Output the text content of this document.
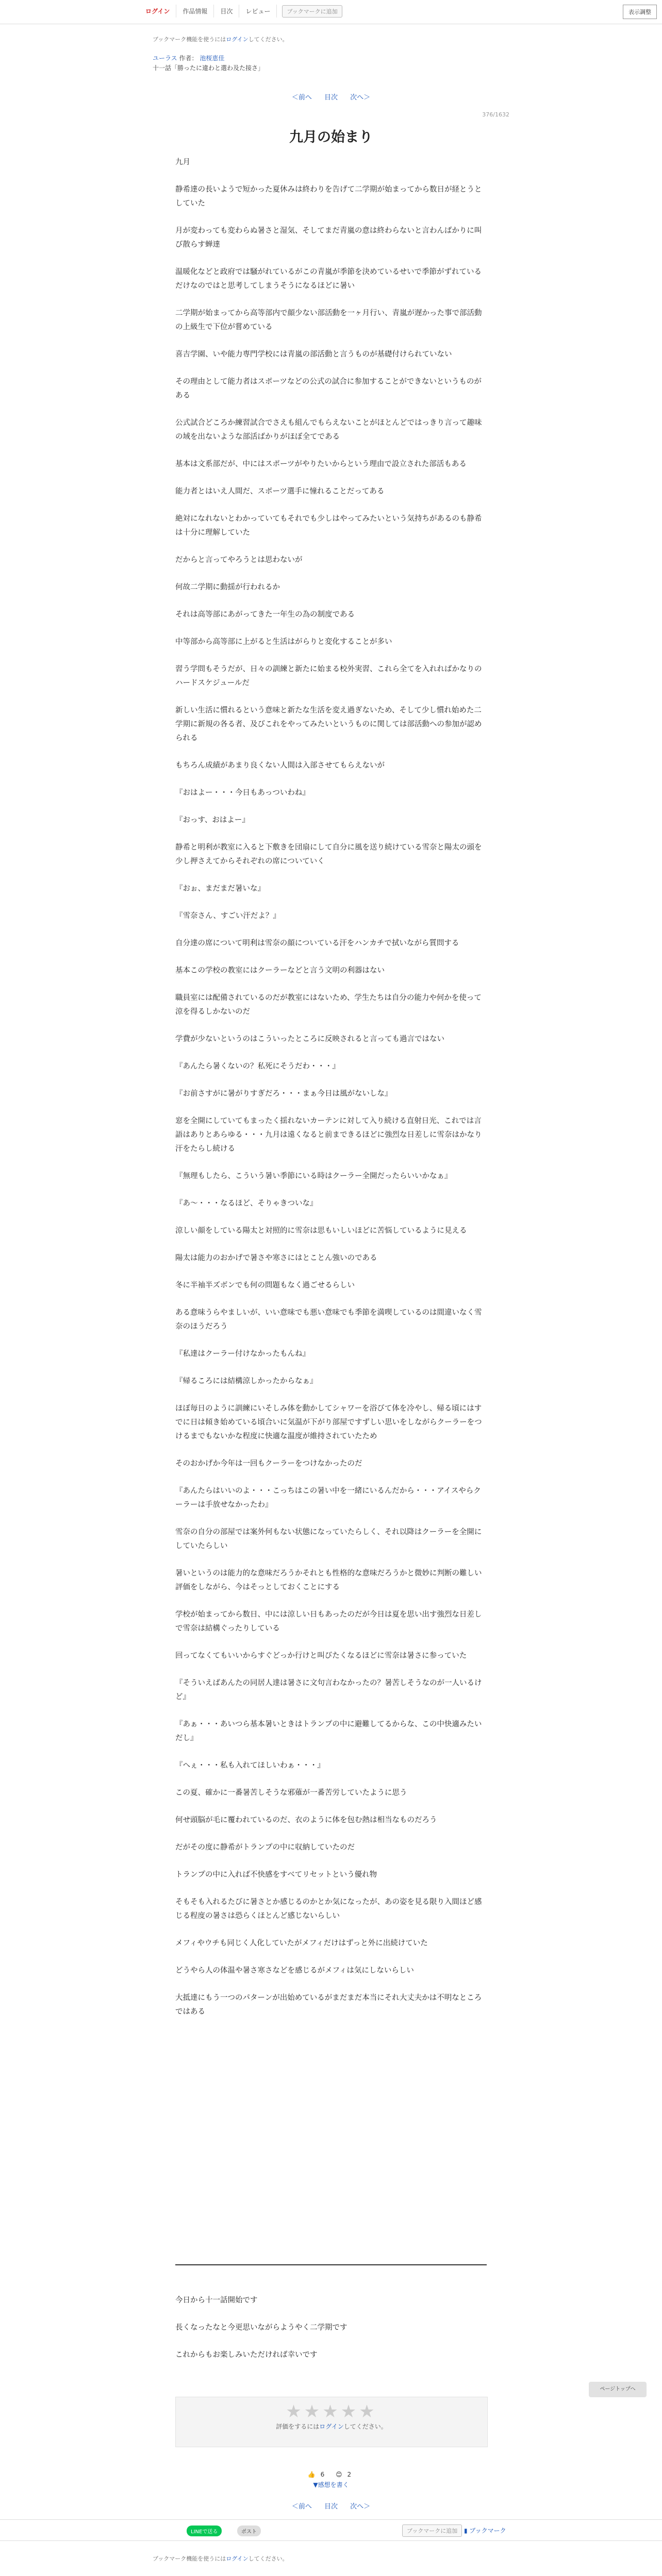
ログイン	作品情報	目次	レビュー	ブックマークに追加	表示調整
ブックマーク機能を使うにはログインしてください。
ユーラス 作者： 池桜恵佳
十一話「勝ったに違わと選わ及た接さ」
＜前へ 目次 次へ＞
376/1632
九月の始まり

九月

静希達の長いようで短かった夏休みは終わりを告げて二学期が始まってから数日が経とうとしていた

月が変わっても変わらぬ暑さと湿気、そしてまだ青嵐の意は終わらないと言わんばかりに叫び散らす蝉達

温暖化などと政府では騒がれているがこの青嵐が季節を決めているせいで季節がずれているだけなのではと思考してしまうそうになるほどに暑い

二学期が始まってから高等部内で顔少ない部活動を一ヶ月行い、青嵐が遅かった事で部活動の上級生で下位が嘗めている

喜吉学園、いや能力専門学校には青嵐の部活動と言うものが基礎付けられていない

その理由として能力者はスポーツなどの公式の試合に参加することができないというものがある

公式試合どころか練習試合でさえも組んでもらえないことがほとんどではっきり言って趣味の域を出ないような部活ばかりがほぼ全てである

基本は文系部だが、中にはスポーツがやりたいからという理由で設立された部活もある

能力者とはいえ人間だ、スポーツ選手に憧れることだってある

絶対になれないとわかっていてもそれでも少しはやってみたいという気持ちがあるのも静希は十分に理解していた

だからと言ってやろうとは思わないが

何故二学期に動揺が行われるか

それは高等部にあがってきた一年生の為の制度である

中等部から高等部に上がると生活はがらりと変化することが多い

習う学問もそうだが、日々の訓練と新たに始まる校外実習、これら全てを入れればかなりのハードスケジュールだ

新しい生活に慣れるという意味と新たな生活を変え過ぎないため、そして少し慣れ始めた二学期に新規の各る者、及びこれをやってみたいというものに関しては部活動への参加が認められる

もちろん成績があまり良くない人間は入部させてもらえないが

『おはよー・・・今日もあっついわね』

『おっす、おはよー』

静希と明利が教室に入ると下敷きを団扇にして自分に風を送り続けている雪奈と陽太の頭を少し押さえてからそれぞれの席についていく

『おぉ、まだまだ暑いな』

『雪奈さん、すごい汗だよ？』

自分達の席について明利は雪奈の顔についている汗をハンカチで拭いながら質問する

基本この学校の教室にはクーラーなどと言う文明の利器はない

職員室には配備されているのだが教室にはないため、学生たちは自分の能力や何かを使って涼を得るしかないのだ

学費が少ないというのはこういったところに反映されると言っても過言ではない

『あんたら暑くないの？私死にそうだわ・・・』

『お前さすがに暑がりすぎだろ・・・まぁ今日は風がないしな』

窓を全開にしていてもまったく揺れないカーテンに対して入り続ける直射日光、これでは言語はありとあらゆる・・・九月は遠くなると前まできるほどに強烈な日差しに雪奈はかなり汗をたらし続ける

『無理もしたら、こういう暑い季節にいる時はクーラー全開だったらいいかなぁ』

『あ～・・・なるほど、そりゃきついな』

涼しい顔をしている陽太と対照的に雪奈は思もいしいほどに苦悩しているように見える

陽太は能力のおかげで暑さや寒さにはとことん強いのである

冬に半袖半ズボンでも何の問題もなく過ごせるらしい

ある意味うらやましいが、いい意味でも悪い意味でも季節を満喫しているのは間違いなく雪奈のほうだろう

『私達はクーラー付けなかったもんね』

『帰るころには結構涼しかったからなぁ』

ほぼ毎日のように訓練にいそしみ体を動かしてシャワーを浴びて体を冷やし、帰る頃にはすでに日は傾き始めている頃合いに気温が下がり部屋ですずしい思いをしながらクーラーをつけるまでもないかな程度に快適な温度が維持されていたため

そのおかげか今年は一回もクーラーをつけなかったのだ

『あんたらはいいのよ・・・こっちはこの暑い中を一緒にいるんだから・・・アイスやらクーラーは手放せなかったわ』

雪奈の自分の部屋では案外何もない状態になっていたらしく、それ以降はクーラーを全開にしていたらしい

暑いというのは能力的な意味だろうかそれとも性格的な意味だろうかと微妙に判断の難しい評価をしながら、今はそっとしておくことにする

学校が始まってから数日、中には涼しい日もあったのだが今日は夏を思い出す強烈な日差しで雪奈は結構ぐったりしている

回ってなくてもいいからすぐどっか行けと叫びたくなるほどに雪奈は暑さに参っていた

『そういえばあんたの同居人達は暑さに文句言わなかったの？暑苦しそうなのが一人いるけど』

『あぁ・・・あいつら基本暑いときはトランプの中に避難してるからな、この中快適みたいだし』

『へぇ・・・私も入れてほしいわぁ・・・』

この夏、確かに一番暑苦しそうな邪薙が一番苦労していたように思う

何せ頭脳が毛に覆われているのだ、衣のように体を包む熱は相当なものだろう

だがその度に静希がトランプの中に収納していたのだ

トランプの中に入れば不快感をすべてリセットという優れ物

そもそも入れるたびに暑さとか感じるのかとか気になったが、あの姿を見る限り入間ほど感じる程度の暑さは恐らくほとんど感じないらしい

メフィやウチも同じく人化していたがメフィだけはずっと外に出続けていた

どうやら人の体温や暑さ寒さなどを感じるがメフィは気にしないらしい

大抵達にもう一つのパターンが出始めているがまだまだ本当にそれ大丈夫かは不明なところではある

今日から十一話開始です

長くなったなと今更思いながらようやく二学期です

これからもお楽しみいただければ幸いです

★★★★★
評価をするにはログインしてください。
👍 6 😊 2
▼感想を書く
＜前へ 目次 次へ＞
LINEで送る	ポスト	ブックマークに追加	▮ ブックマーク
ブックマーク機能を使うにはログインしてください。
ページトップへ
